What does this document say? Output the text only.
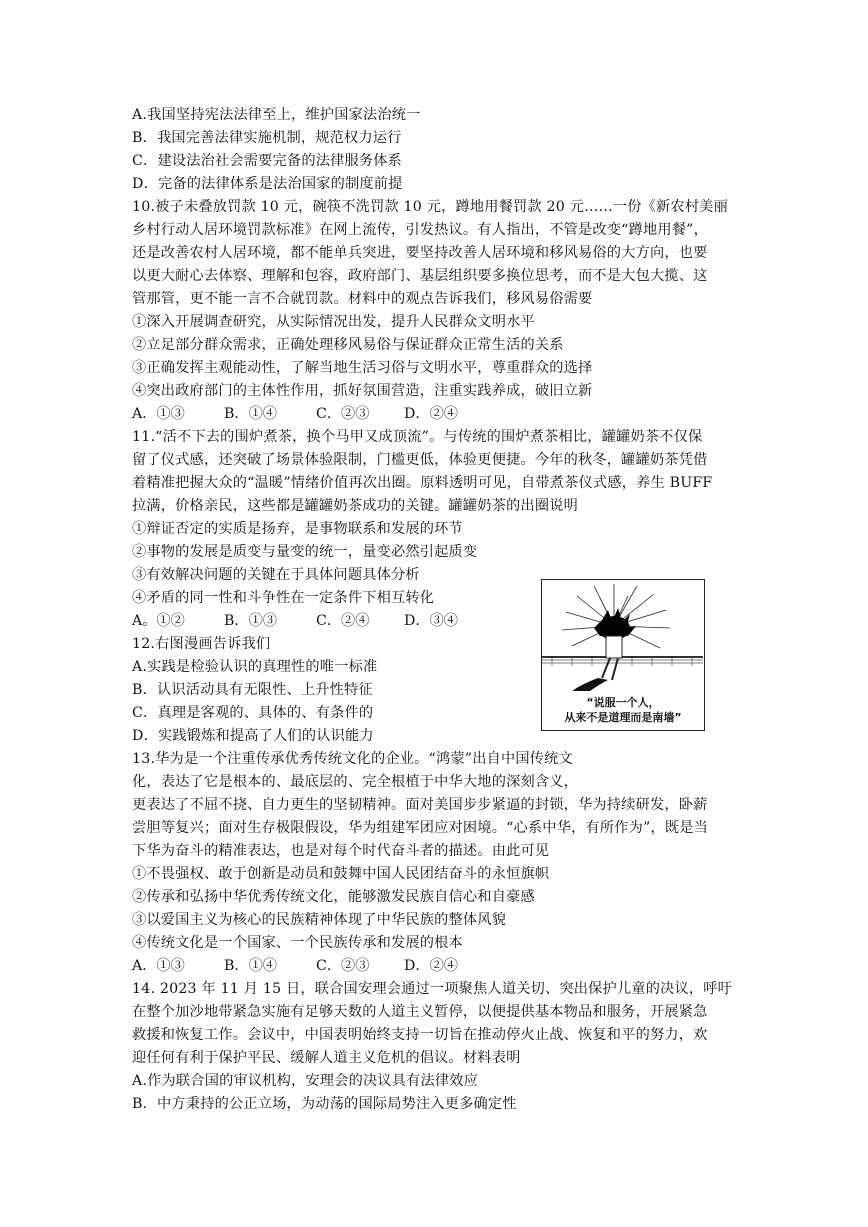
A.我国坚持宪法法律至上，维护国家法治统一
B．我国完善法律实施机制，规范权力运行
C．建设法治社会需要完备的法律服务体系
D．完备的法律体系是法治国家的制度前提
10.被子未叠放罚款 10 元，碗筷不洗罚款 10 元，蹲地用餐罚款 20 元……一份《新农村美丽
乡村行动人居环境罚款标准》在网上流传，引发热议。有人指出，不管是改变“蹲地用餐”，
还是改善农村人居环境，都不能单兵突进，要坚持改善人居环境和移风易俗的大方向，也要
以更大耐心去体察、理解和包容，政府部门、基层组织要多换位思考，而不是大包大揽、这
管那管，更不能一言不合就罚款。材料中的观点告诉我们，移风易俗需要
①深入开展调查研究，从实际情况出发，提升人民群众文明水平
②立足部分群众需求，正确处理移风易俗与保证群众正常生活的关系
③正确发挥主观能动性，了解当地生活习俗与文明水平，尊重群众的选择
④突出政府部门的主体性作用，抓好氛围营造，注重实践养成，破旧立新
A．①③	B．①④	C．②③ D．②④
11.“活不下去的围炉煮茶，换个马甲又成顶流”。与传统的围炉煮茶相比，罐罐奶茶不仅保
留了仪式感，还突破了场景体验限制，门槛更低，体验更便捷。今年的秋冬，罐罐奶茶凭借
着精准把握大众的“温暖”情绪价值再次出圈。原料透明可见，自带煮茶仪式感，养生 BUFF
拉满，价格亲民，这些都是罐罐奶茶成功的关键。罐罐奶茶的出圈说明
①辩证否定的实质是扬弃，是事物联系和发展的环节
②事物的发展是质变与量变的统一，量变必然引起质变
③有效解决问题的关键在于具体问题具体分析
④矛盾的同一性和斗争性在一定条件下相互转化
A。①②	B．①③	C．②④ D．③④
12.右图漫画告诉我们
A.实践是检验认识的真理性的唯一标准
B．认识活动具有无限性、上升性特征
C．真理是客观的、具体的、有条件的
D．实践锻炼和提高了人们的认识能力
“说服一个人，
从来不是道理而是南墙”
13.华为是一个注重传承优秀传统文化的企业。“鸿蒙”出自中国传统文
化，表达了它是根本的、最底层的、完全根植于中华大地的深刻含义，
更表达了不屈不挠、自力更生的坚韧精神。面对美国步步紧逼的封锁，华为持续研发，卧薪
尝胆等复兴；面对生存极限假设，华为组建军团应对困境。“心系中华，有所作为”，既是当
下华为奋斗的精准表达，也是对每个时代奋斗者的描述。由此可见
①不畏强权、敢于创新是动员和鼓舞中国人民团结奋斗的永恒旗帜
②传承和弘扬中华优秀传统文化，能够激发民族自信心和自豪感
③以爱国主义为核心的民族精神体现了中华民族的整体风貌
④传统文化是一个国家、一个民族传承和发展的根本
A．①③	B．①④	C．②③ D．②④
14. 2023 年 11 月 15 日，联合国安理会通过一项聚焦人道关切、突出保护儿童的决议，呼吁
在整个加沙地带紧急实施有足够天数的人道主义暂停，以便提供基本物品和服务，开展紧急
救援和恢复工作。会议中，中国表明始终支持一切旨在推动停火止战、恢复和平的努力，欢
迎任何有利于保护平民、缓解人道主义危机的倡议。材料表明
A.作为联合国的审议机构，安理会的决议具有法律效应
B．中方秉持的公正立场，为动荡的国际局势注入更多确定性
